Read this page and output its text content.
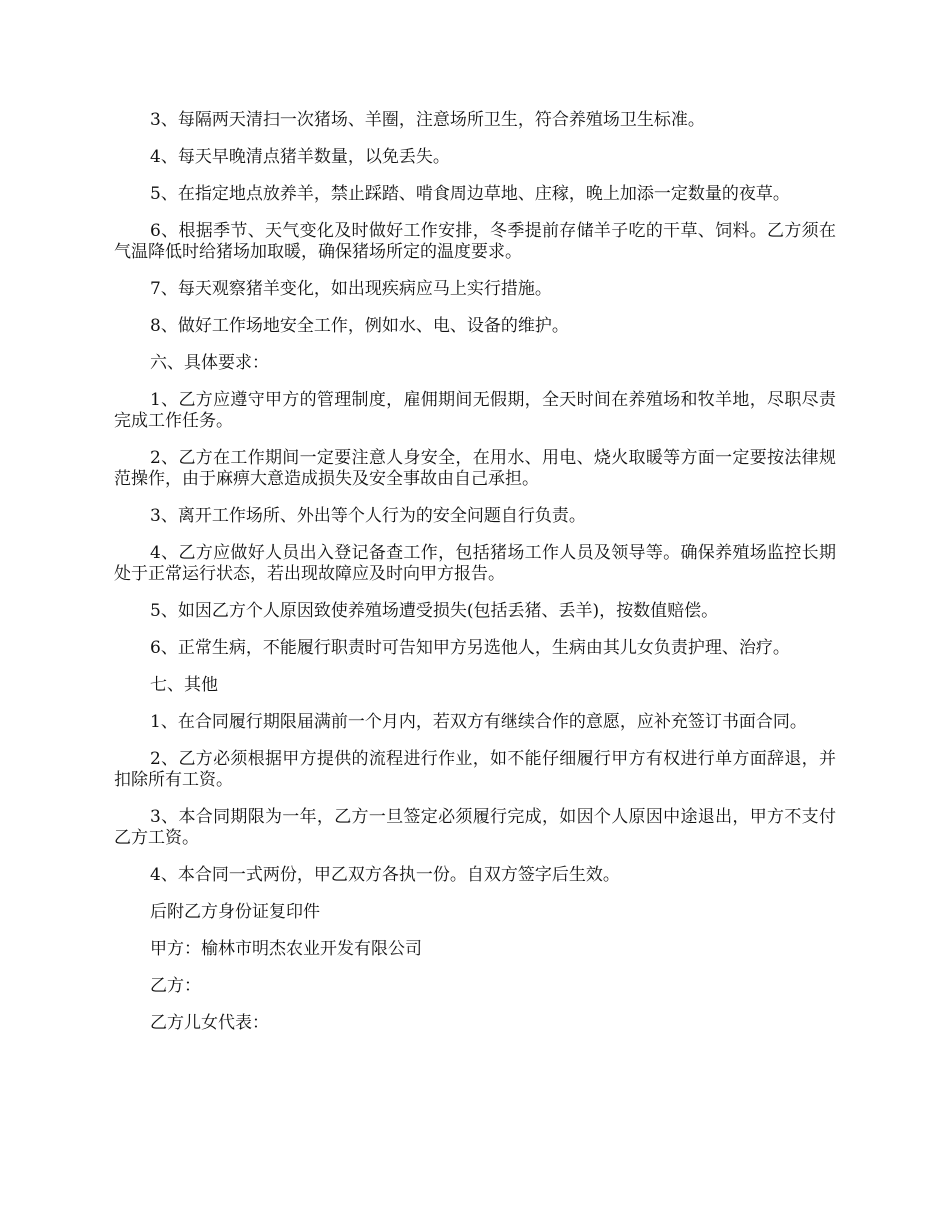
3、每隔两天清扫一次猪场、羊圈，注意场所卫生，符合养殖场卫生标准。

4、每天早晚清点猪羊数量，以免丢失。

5、在指定地点放养羊，禁止踩踏、啃食周边草地、庄稼，晚上加添一定数量的夜草。

6、根据季节、天气变化及时做好工作安排，冬季提前存储羊子吃的干草、饲料。乙方须在气温降低时给猪场加取暖，确保猪场所定的温度要求。

7、每天观察猪羊变化，如出现疾病应马上实行措施。

8、做好工作场地安全工作，例如水、电、设备的维护。

六、具体要求：

1、乙方应遵守甲方的管理制度，雇佣期间无假期，全天时间在养殖场和牧羊地，尽职尽责完成工作任务。

2、乙方在工作期间一定要注意人身安全，在用水、用电、烧火取暖等方面一定要按法律规范操作，由于麻痹大意造成损失及安全事故由自己承担。

3、离开工作场所、外出等个人行为的安全问题自行负责。

4、乙方应做好人员出入登记备查工作，包括猪场工作人员及领导等。确保养殖场监控长期处于正常运行状态，若出现故障应及时向甲方报告。

5、如因乙方个人原因致使养殖场遭受损失(包括丢猪、丢羊)，按数值赔偿。

6、正常生病，不能履行职责时可告知甲方另选他人，生病由其儿女负责护理、治疗。

七、其他

1、在合同履行期限届满前一个月内，若双方有继续合作的意愿，应补充签订书面合同。

2、乙方必须根据甲方提供的流程进行作业，如不能仔细履行甲方有权进行单方面辞退，并扣除所有工资。

3、本合同期限为一年，乙方一旦签定必须履行完成，如因个人原因中途退出，甲方不支付乙方工资。

4、本合同一式两份，甲乙双方各执一份。自双方签字后生效。

后附乙方身份证复印件

甲方：榆林市明杰农业开发有限公司

乙方：

乙方儿女代表：
